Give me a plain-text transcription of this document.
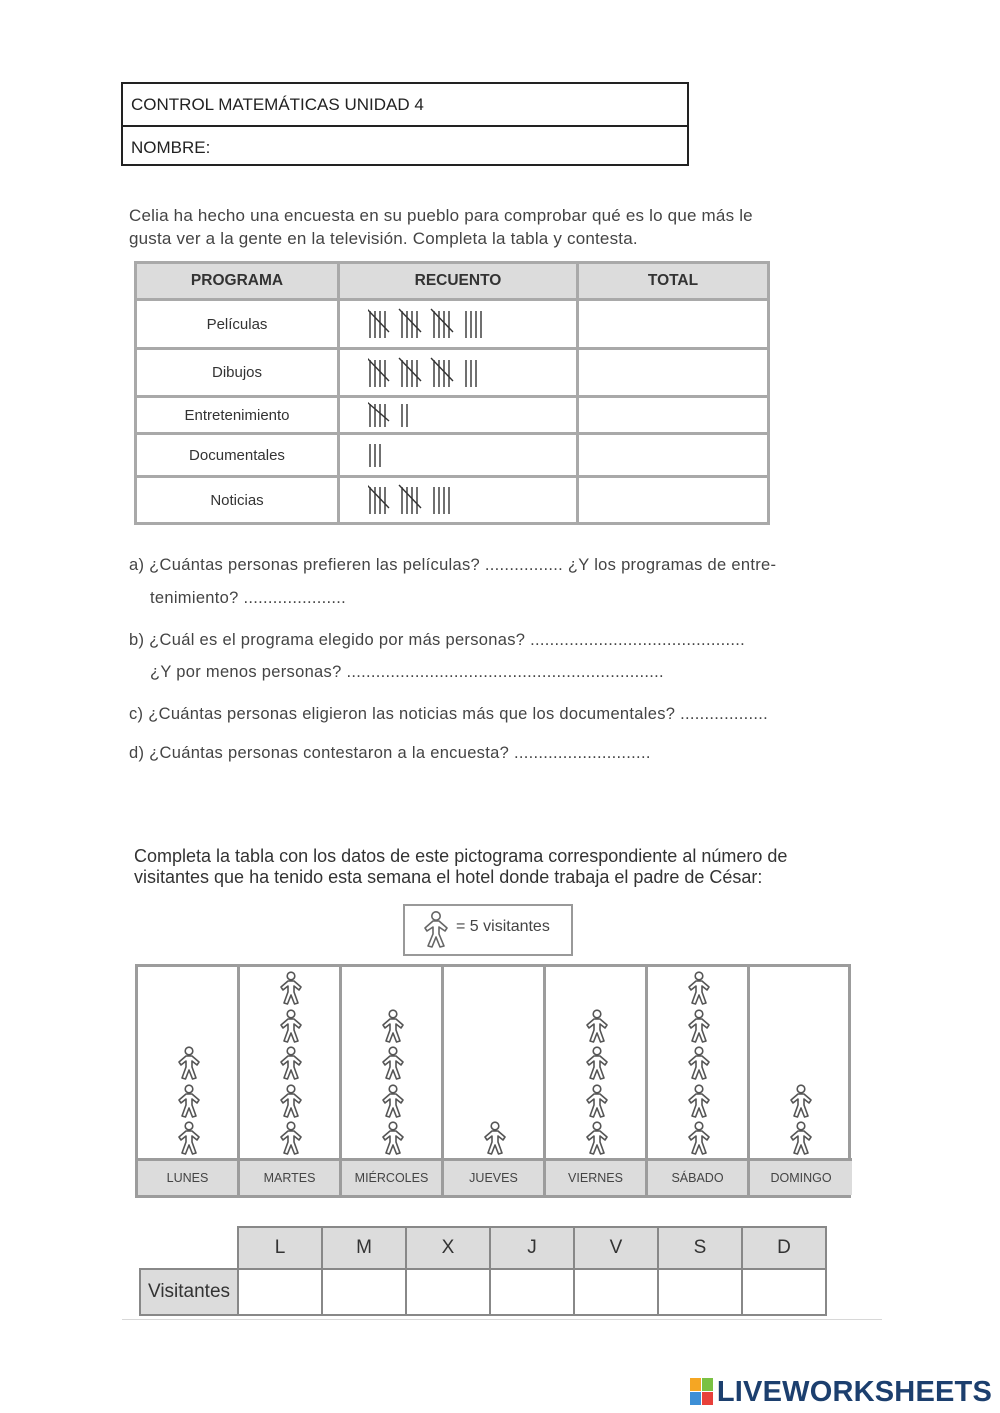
CONTROL MATEMÁTICAS UNIDAD 4
NOMBRE:
Celia ha hecho una encuesta en su pueblo para comprobar qué es lo que más le
gusta ver a la gente en la televisión. Completa la tabla y contesta.
PROGRAMA	RECUENTO	TOTAL
Películas	

Dibujos	

Entretenimiento	

Documentales	

Noticias	

a) ¿Cuántas personas prefieren las películas? ................ ¿Y los programas de entre-
tenimiento? .....................
b) ¿Cuál es el programa elegido por más personas? ............................................
¿Y por menos personas? .................................................................
c) ¿Cuántas personas eligieron las noticias más que los documentales? ..................
d) ¿Cuántas personas contestaron a la encuesta? ............................
Completa la tabla con los datos de este pictograma correspondiente al número de
visitantes que ha tenido esta semana el hotel donde trabaja el padre de César:
= 5 visitantes
LUNES	MARTES	MIÉRCOLES	JUEVES	VIERNES	SÁBADO	DOMINGO
	L	M	X	J	V	S	D
Visitantes							
LIVEWORKSHEETS
